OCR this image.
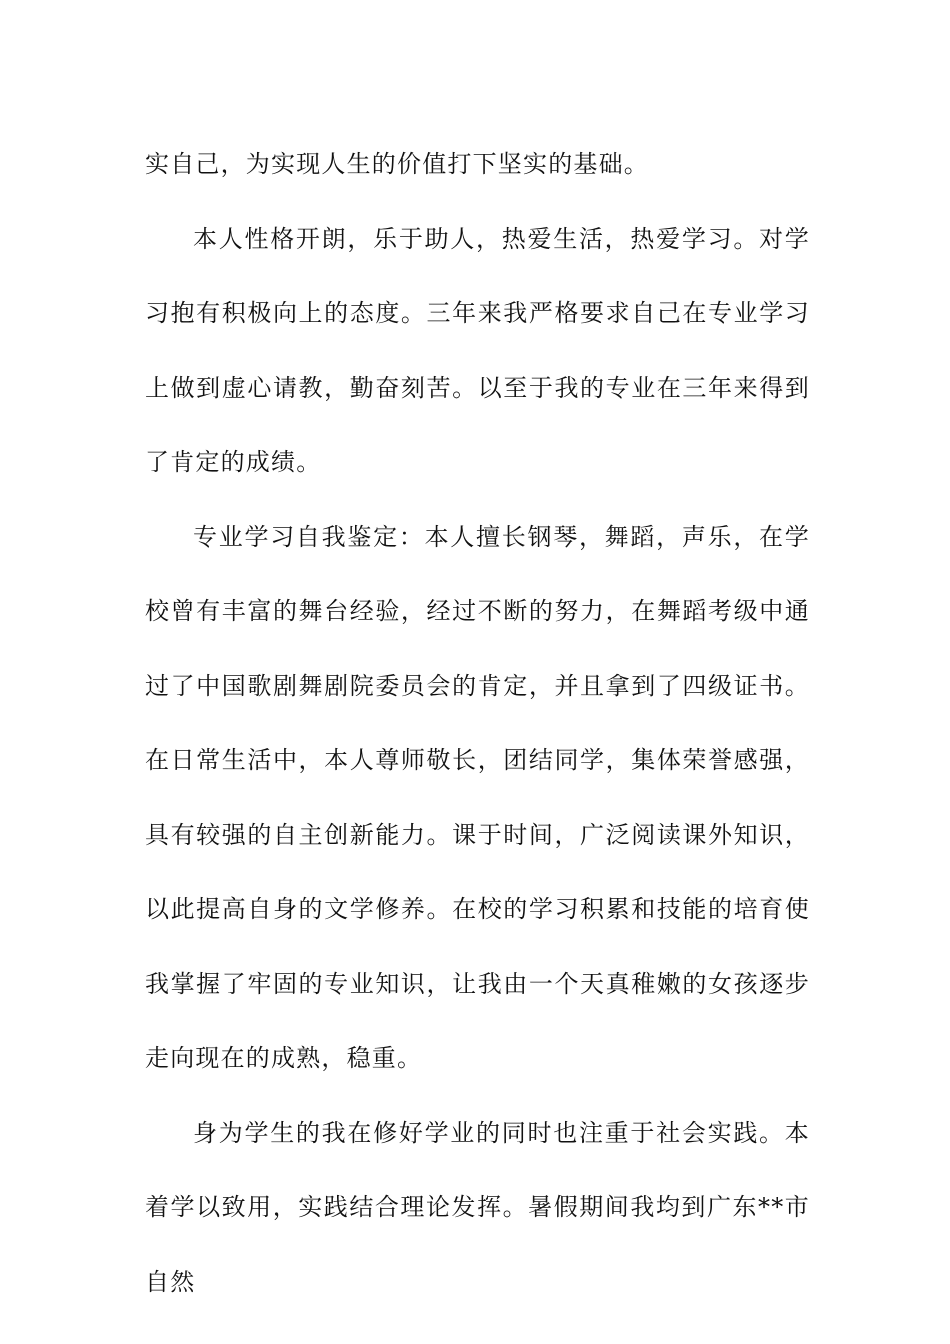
实自己，为实现人生的价值打下坚实的基础。

本人性格开朗，乐于助人，热爱生活，热爱学习。对学习抱有积极向上的态度。三年来我严格要求自己在专业学习上做到虚心请教，勤奋刻苦。以至于我的专业在三年来得到了肯定的成绩。

专业学习自我鉴定：本人擅长钢琴，舞蹈，声乐，在学校曾有丰富的舞台经验，经过不断的努力，在舞蹈考级中通过了中国歌剧舞剧院委员会的肯定，并且拿到了四级证书。在日常生活中，本人尊师敬长，团结同学，集体荣誉感强，具有较强的自主创新能力。课于时间，广泛阅读课外知识，以此提高自身的文学修养。在校的学习积累和技能的培育使我掌握了牢固的专业知识，让我由一个天真稚嫩的女孩逐步走向现在的成熟，稳重。

身为学生的我在修好学业的同时也注重于社会实践。本着学以致用，实践结合理论发挥。暑假期间我均到广东**市自然
